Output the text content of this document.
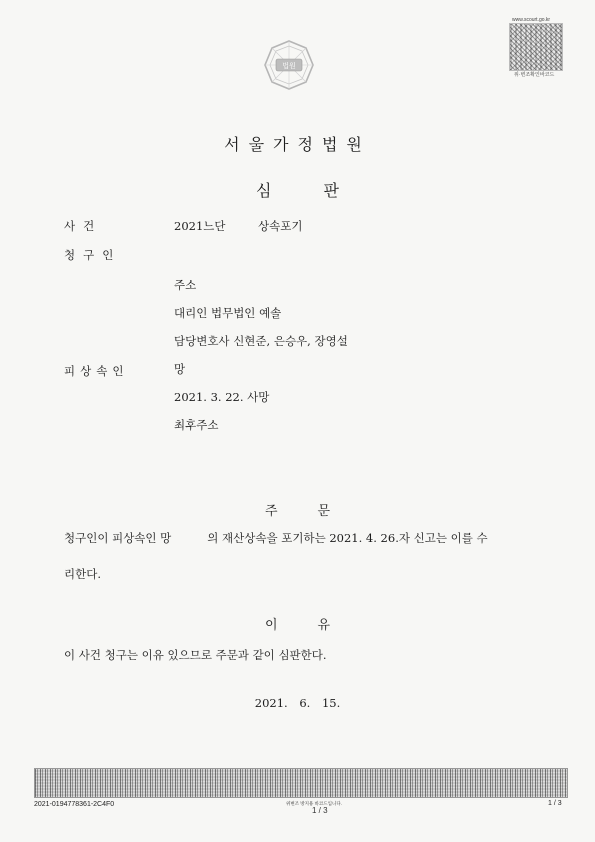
법원
www.scourt.go.kr
위·변조확인바코드
서울가정법원
심판
사건	2021느단	상속포기
청구인
주소
대리인 법무법인 예솔
담당변호사 신현준, 은승우, 장영설
피상속인	망
2021. 3. 22. 사망
최후주소
주문
청구인이 피상속인 망	의 재산상속을 포기하는 2021. 4. 26.자 신고는 이를 수
리한다.
이유
이 사건 청구는 이유 있으므로 주문과 같이 심판한다.
2021. 6. 15.
2021-0194778361-2C4F0	위변조 방지용 바코드입니다.
1 / 3
1 / 3
